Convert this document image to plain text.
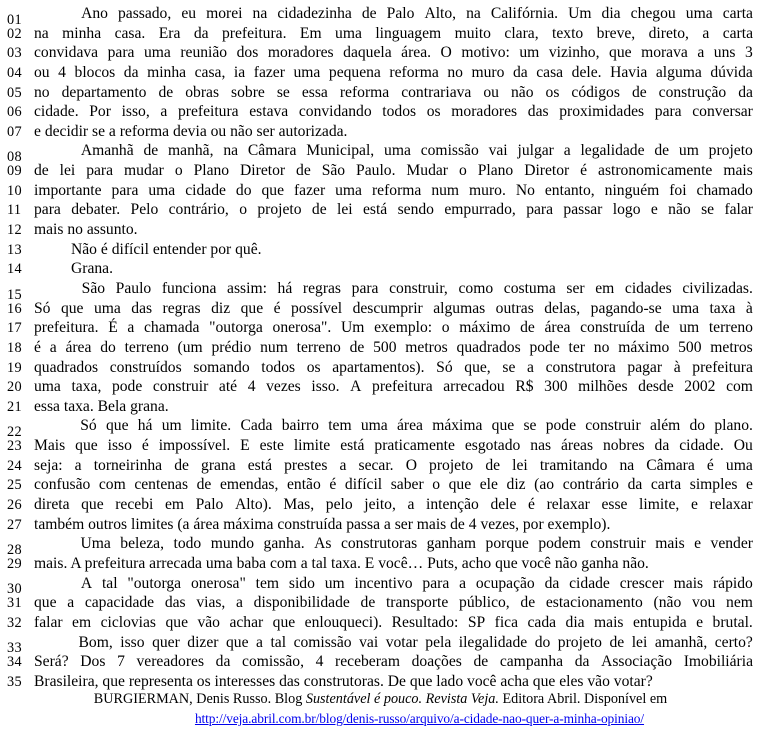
01	Ano passado, eu morei na cidadezinha de Palo Alto, na Califórnia. Um dia chegou uma carta
02 na minha casa. Era da prefeitura. Em uma linguagem muito clara, texto breve, direto, a carta
03 convidava para uma reunião dos moradores daquela área. O motivo: um vizinho, que morava a uns 3
04 ou 4 blocos da minha casa, ia fazer uma pequena reforma no muro da casa dele. Havia alguma dúvida
05 no departamento de obras sobre se essa reforma contrariava ou não os códigos de construção da
06 cidade. Por isso, a prefeitura estava convidando todos os moradores das proximidades para conversar
07 e decidir se a reforma devia ou não ser autorizada.
08	Amanhã de manhã, na Câmara Municipal, uma comissão vai julgar a legalidade de um projeto
09 de lei para mudar o Plano Diretor de São Paulo. Mudar o Plano Diretor é astronomicamente mais
10 importante para uma cidade do que fazer uma reforma num muro. No entanto, ninguém foi chamado
11 para debater. Pelo contrário, o projeto de lei está sendo empurrado, para passar logo e não se falar
12 mais no assunto.
13	Não é difícil entender por quê.
14	Grana.
15	São Paulo funciona assim: há regras para construir, como costuma ser em cidades civilizadas.
16 Só que uma das regras diz que é possível descumprir algumas outras delas, pagando-se uma taxa à
17 prefeitura. É a chamada "outorga onerosa". Um exemplo: o máximo de área construída de um terreno
18 é a área do terreno (um prédio num terreno de 500 metros quadrados pode ter no máximo 500 metros
19 quadrados construídos somando todos os apartamentos). Só que, se a construtora pagar à prefeitura
20 uma taxa, pode construir até 4 vezes isso. A prefeitura arrecadou R$ 300 milhões desde 2002 com
21 essa taxa. Bela grana.
22	Só que há um limite. Cada bairro tem uma área máxima que se pode construir além do plano.
23 Mais que isso é impossível. E este limite está praticamente esgotado nas áreas nobres da cidade. Ou
24 seja: a torneirinha de grana está prestes a secar. O projeto de lei tramitando na Câmara é uma
25 confusão com centenas de emendas, então é difícil saber o que ele diz (ao contrário da carta simples e
26 direta que recebi em Palo Alto). Mas, pelo jeito, a intenção dele é relaxar esse limite, e relaxar
27 também outros limites (a área máxima construída passa a ser mais de 4 vezes, por exemplo).
28	Uma beleza, todo mundo ganha. As construtoras ganham porque podem construir mais e vender
29 mais. A prefeitura arrecada uma baba com a tal taxa. E você… Puts, acho que você não ganha não.
30	A tal "outorga onerosa" tem sido um incentivo para a ocupação da cidade crescer mais rápido
31 que a capacidade das vias, a disponibilidade de transporte público, de estacionamento (não vou nem
32 falar em ciclovias que vão achar que enlouqueci). Resultado: SP fica cada dia mais entupida e brutal.
33	Bom, isso quer dizer que a tal comissão vai votar pela ilegalidade do projeto de lei amanhã, certo?
34 Será? Dos 7 vereadores da comissão, 4 receberam doações de campanha da Associação Imobiliária
35 Brasileira, que representa os interesses das construtoras. De que lado você acha que eles vão votar?
BURGIERMAN, Denis Russo. Blog Sustentável é pouco. Revista Veja. Editora Abril. Disponível em
http://veja.abril.com.br/blog/denis-russo/arquivo/a-cidade-nao-quer-a-minha-opiniao/
